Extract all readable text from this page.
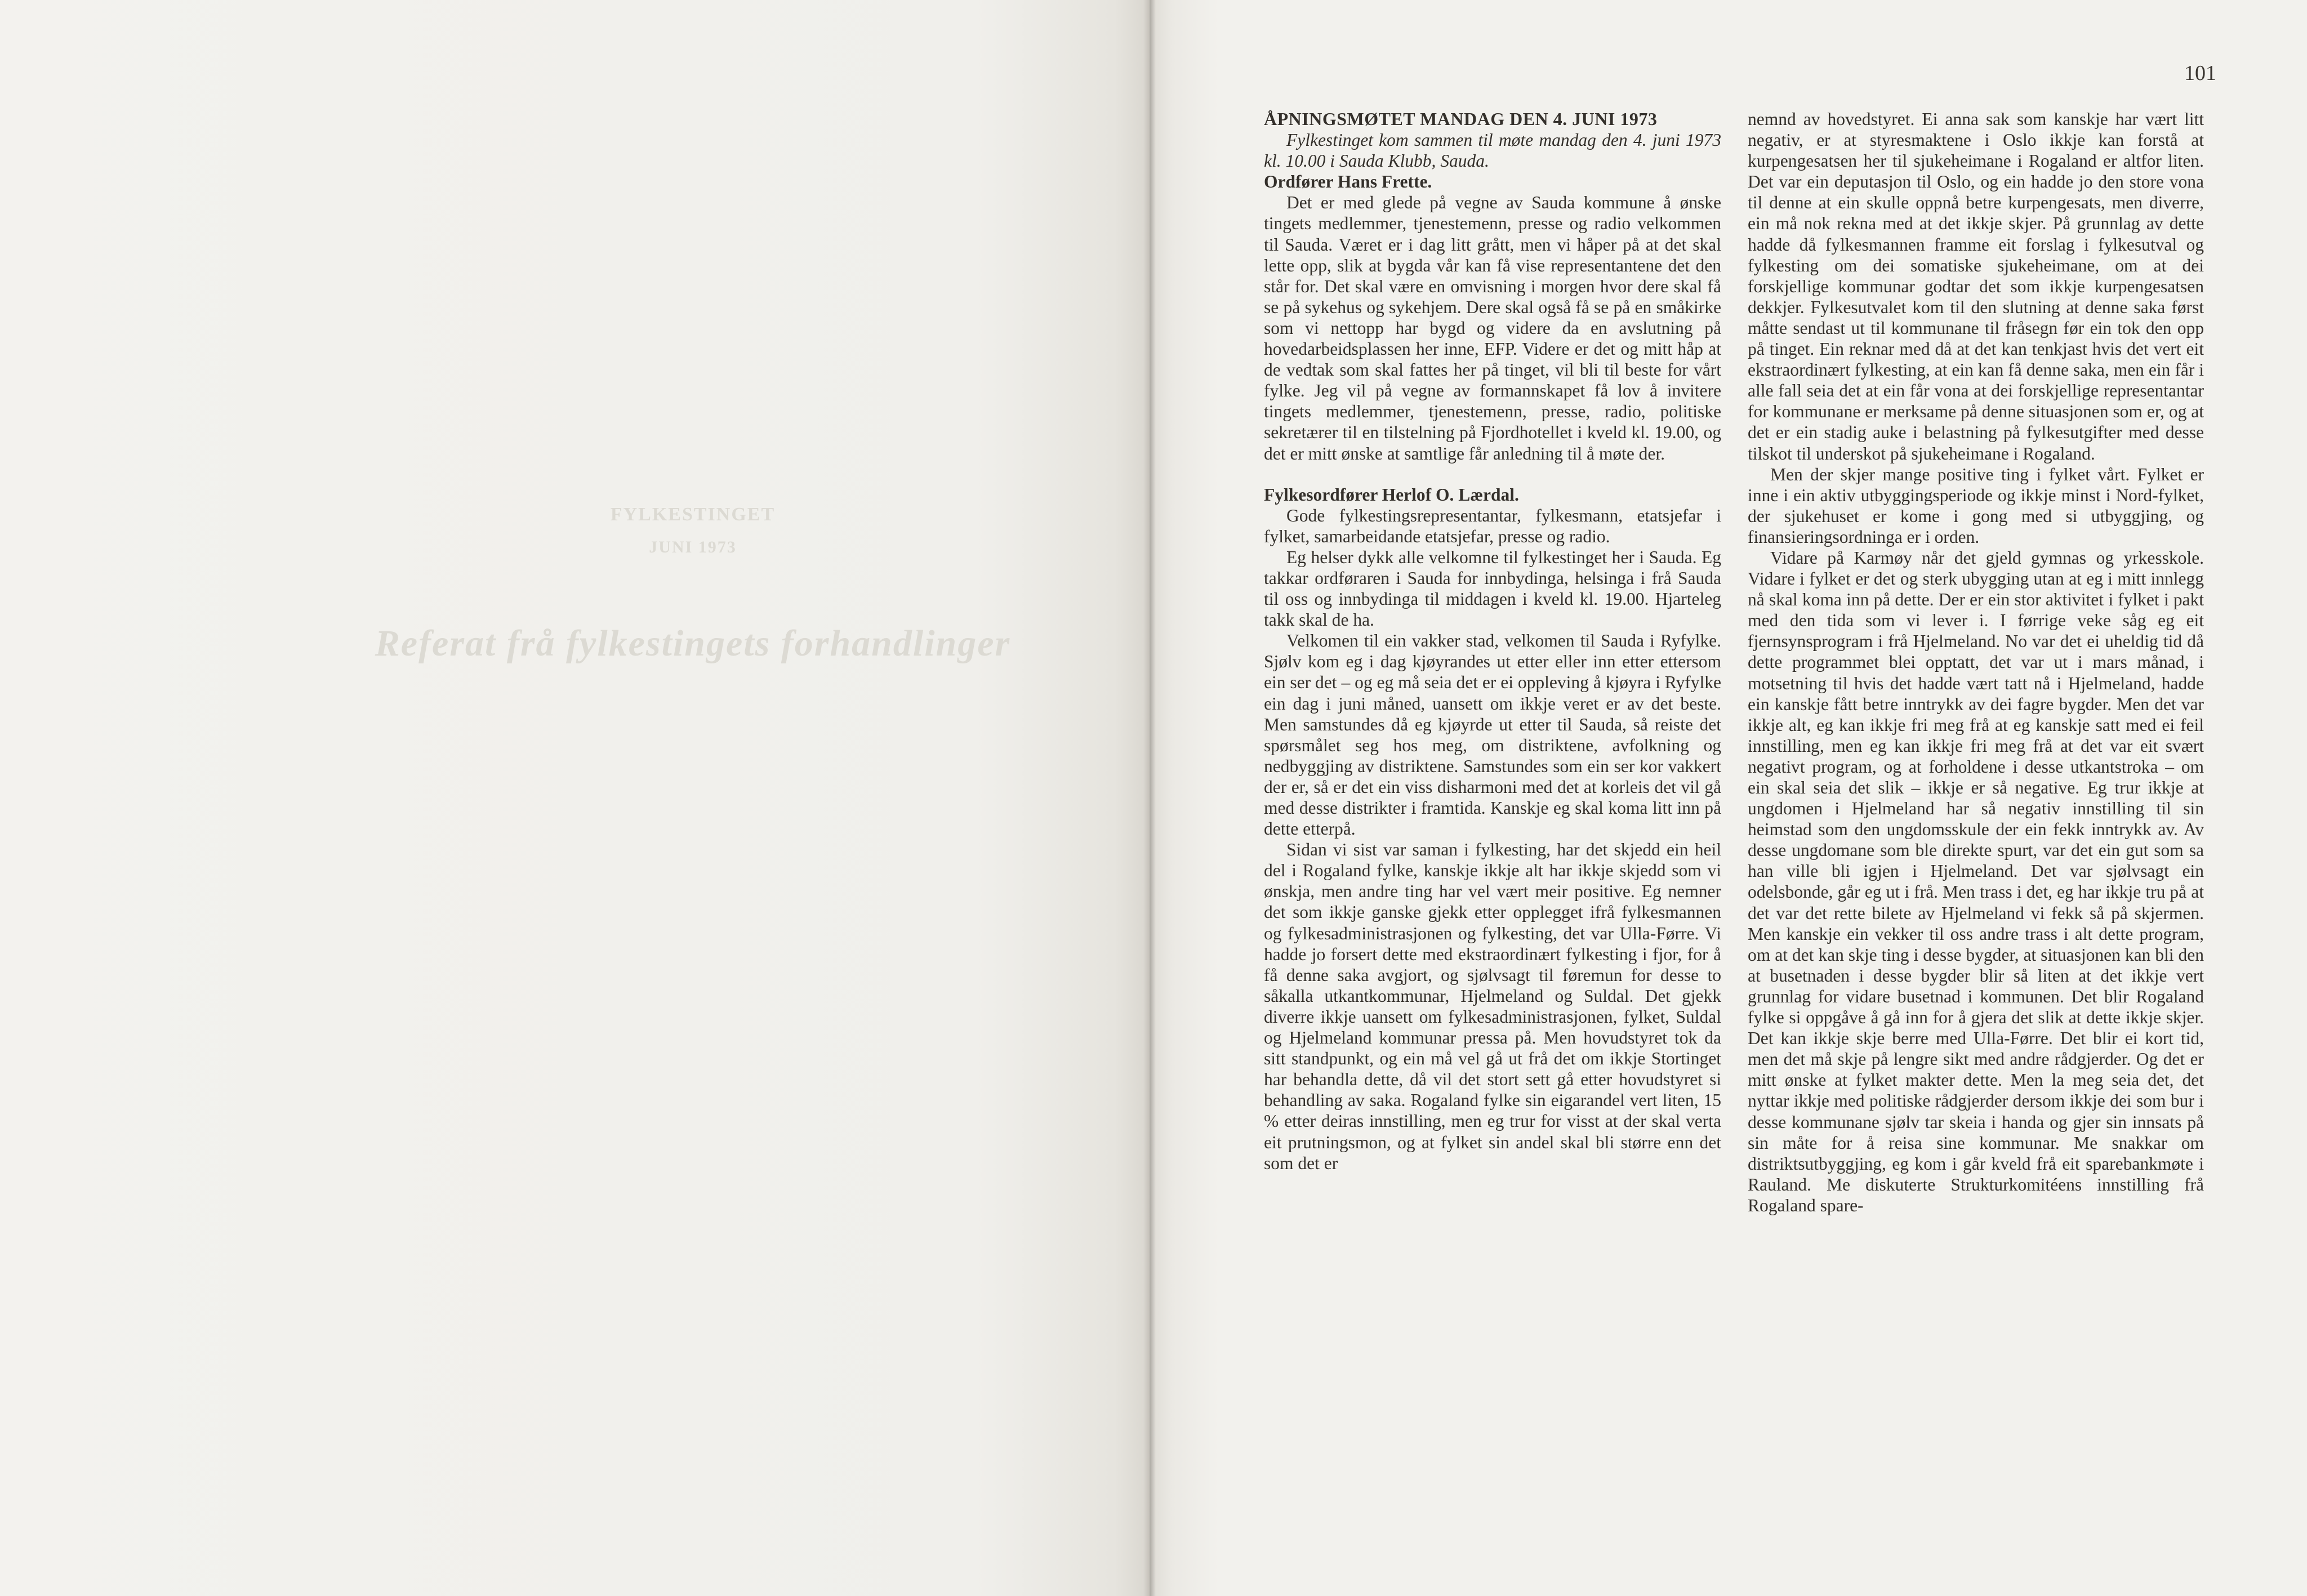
FYLKESTINGET
JUNI 1973
Referat frå fylkestingets forhandlinger
101

ÅPNINGSMØTET MANDAG DEN 4. JUNI 1973

Fylkestinget kom sammen til møte mandag den 4. juni 1973 kl. 10.00 i Sauda Klubb, Sauda.

Ordfører Hans Frette.

Det er med glede på vegne av Sauda kommune å ønske tingets medlemmer, tjenestemenn, presse og radio velkommen til Sauda. Været er i dag litt grått, men vi håper på at det skal lette opp, slik at bygda vår kan få vise representantene det den står for. Det skal være en omvisning i morgen hvor dere skal få se på sykehus og sykehjem. Dere skal også få se på en småkirke som vi nettopp har bygd og videre da en avslutning på hovedarbeidsplassen her inne, EFP. Videre er det og mitt håp at de vedtak som skal fattes her på tinget, vil bli til beste for vårt fylke. Jeg vil på vegne av formannskapet få lov å invitere tingets medlemmer, tjenestemenn, presse, radio, politiske sekretærer til en tilstelning på Fjordhotellet i kveld kl. 19.00, og det er mitt ønske at samtlige får anledning til å møte der.

Fylkesordfører Herlof O. Lærdal.

Gode fylkestingsrepresentantar, fylkesmann, etatsjefar i fylket, samarbeidande etatsjefar, presse og radio.

Eg helser dykk alle velkomne til fylkestinget her i Sauda. Eg takkar ordføraren i Sauda for innbydinga, helsinga i frå Sauda til oss og innbydinga til middagen i kveld kl. 19.00. Hjarteleg takk skal de ha.

Velkomen til ein vakker stad, velkomen til Sauda i Ryfylke. Sjølv kom eg i dag kjøyrandes ut etter eller inn etter ettersom ein ser det – og eg må seia det er ei oppleving å kjøyra i Ryfylke ein dag i juni måned, uansett om ikkje veret er av det beste. Men samstundes då eg kjøyrde ut etter til Sauda, så reiste det spørsmålet seg hos meg, om distriktene, avfolkning og nedbyggjing av distriktene. Samstundes som ein ser kor vakkert der er, så er det ein viss disharmoni med det at korleis det vil gå med desse distrikter i framtida. Kanskje eg skal koma litt inn på dette etterpå.

Sidan vi sist var saman i fylkesting, har det skjedd ein heil del i Rogaland fylke, kanskje ikkje alt har ikkje skjedd som vi ønskja, men andre ting har vel vært meir positive. Eg nemner det som ikkje ganske gjekk etter opplegget ifrå fylkesmannen og fylkesadministrasjonen og fylkesting, det var Ulla-Førre. Vi hadde jo forsert dette med ekstraordinært fylkesting i fjor, for å få denne saka avgjort, og sjølvsagt til føremun for desse to såkalla utkantkommunar, Hjelmeland og Suldal. Det gjekk diverre ikkje uansett om fylkesadministrasjonen, fylket, Suldal og Hjelmeland kommunar pressa på. Men hovudstyret tok da sitt standpunkt, og ein må vel gå ut frå det om ikkje Stortinget har behandla dette, då vil det stort sett gå etter hovudstyret si behandling av saka. Rogaland fylke sin eigarandel vert liten, 15 % etter deiras innstilling, men eg trur for visst at der skal verta eit prutningsmon, og at fylket sin andel skal bli større enn det som det er

nemnd av hovedstyret. Ei anna sak som kanskje har vært litt negativ, er at styresmaktene i Oslo ikkje kan forstå at kurpengesatsen her til sjukeheimane i Rogaland er altfor liten. Det var ein deputasjon til Oslo, og ein hadde jo den store vona til denne at ein skulle oppnå betre kurpengesats, men diverre, ein må nok rekna med at det ikkje skjer. På grunnlag av dette hadde då fylkesmannen framme eit forslag i fylkesutval og fylkesting om dei somatiske sjukeheimane, om at dei forskjellige kommunar godtar det som ikkje kurpengesatsen dekkjer. Fylkesutvalet kom til den slutning at denne saka først måtte sendast ut til kommunane til fråsegn før ein tok den opp på tinget. Ein reknar med då at det kan tenkjast hvis det vert eit ekstraordinært fylkesting, at ein kan få denne saka, men ein får i alle fall seia det at ein får vona at dei forskjellige representantar for kommunane er merksame på denne situasjonen som er, og at det er ein stadig auke i belastning på fylkesutgifter med desse tilskot til underskot på sjukeheimane i Rogaland.

Men der skjer mange positive ting i fylket vårt. Fylket er inne i ein aktiv utbyggingsperiode og ikkje minst i Nord-fylket, der sjukehuset er kome i gong med si utbyggjing, og finansieringsordninga er i orden.

Vidare på Karmøy når det gjeld gymnas og yrkesskole. Vidare i fylket er det og sterk ubygging utan at eg i mitt innlegg nå skal koma inn på dette. Der er ein stor aktivitet i fylket i pakt med den tida som vi lever i. I førrige veke såg eg eit fjernsynsprogram i frå Hjelmeland. No var det ei uheldig tid då dette programmet blei opptatt, det var ut i mars månad, i motsetning til hvis det hadde vært tatt nå i Hjelmeland, hadde ein kanskje fått betre inntrykk av dei fagre bygder. Men det var ikkje alt, eg kan ikkje fri meg frå at eg kanskje satt med ei feil innstilling, men eg kan ikkje fri meg frå at det var eit svært negativt program, og at forholdene i desse utkantstroka – om ein skal seia det slik – ikkje er så negative. Eg trur ikkje at ungdomen i Hjelmeland har så negativ innstilling til sin heimstad som den ungdomsskule der ein fekk inntrykk av. Av desse ungdomane som ble direkte spurt, var det ein gut som sa han ville bli igjen i Hjelmeland. Det var sjølvsagt ein odelsbonde, går eg ut i frå. Men trass i det, eg har ikkje tru på at det var det rette bilete av Hjelmeland vi fekk så på skjermen. Men kanskje ein vekker til oss andre trass i alt dette program, om at det kan skje ting i desse bygder, at situasjonen kan bli den at busetnaden i desse bygder blir så liten at det ikkje vert grunnlag for vidare busetnad i kommunen. Det blir Rogaland fylke si oppgåve å gå inn for å gjera det slik at dette ikkje skjer. Det kan ikkje skje berre med Ulla-Førre. Det blir ei kort tid, men det må skje på lengre sikt med andre rådgjerder. Og det er mitt ønske at fylket makter dette. Men la meg seia det, det nyttar ikkje med politiske rådgjerder dersom ikkje dei som bur i desse kommunane sjølv tar skeia i handa og gjer sin innsats på sin måte for å reisa sine kommunar. Me snakkar om distriktsutbyggjing, eg kom i går kveld frå eit sparebankmøte i Rauland. Me diskuterte Strukturkomitéens innstilling frå Rogaland spare-
